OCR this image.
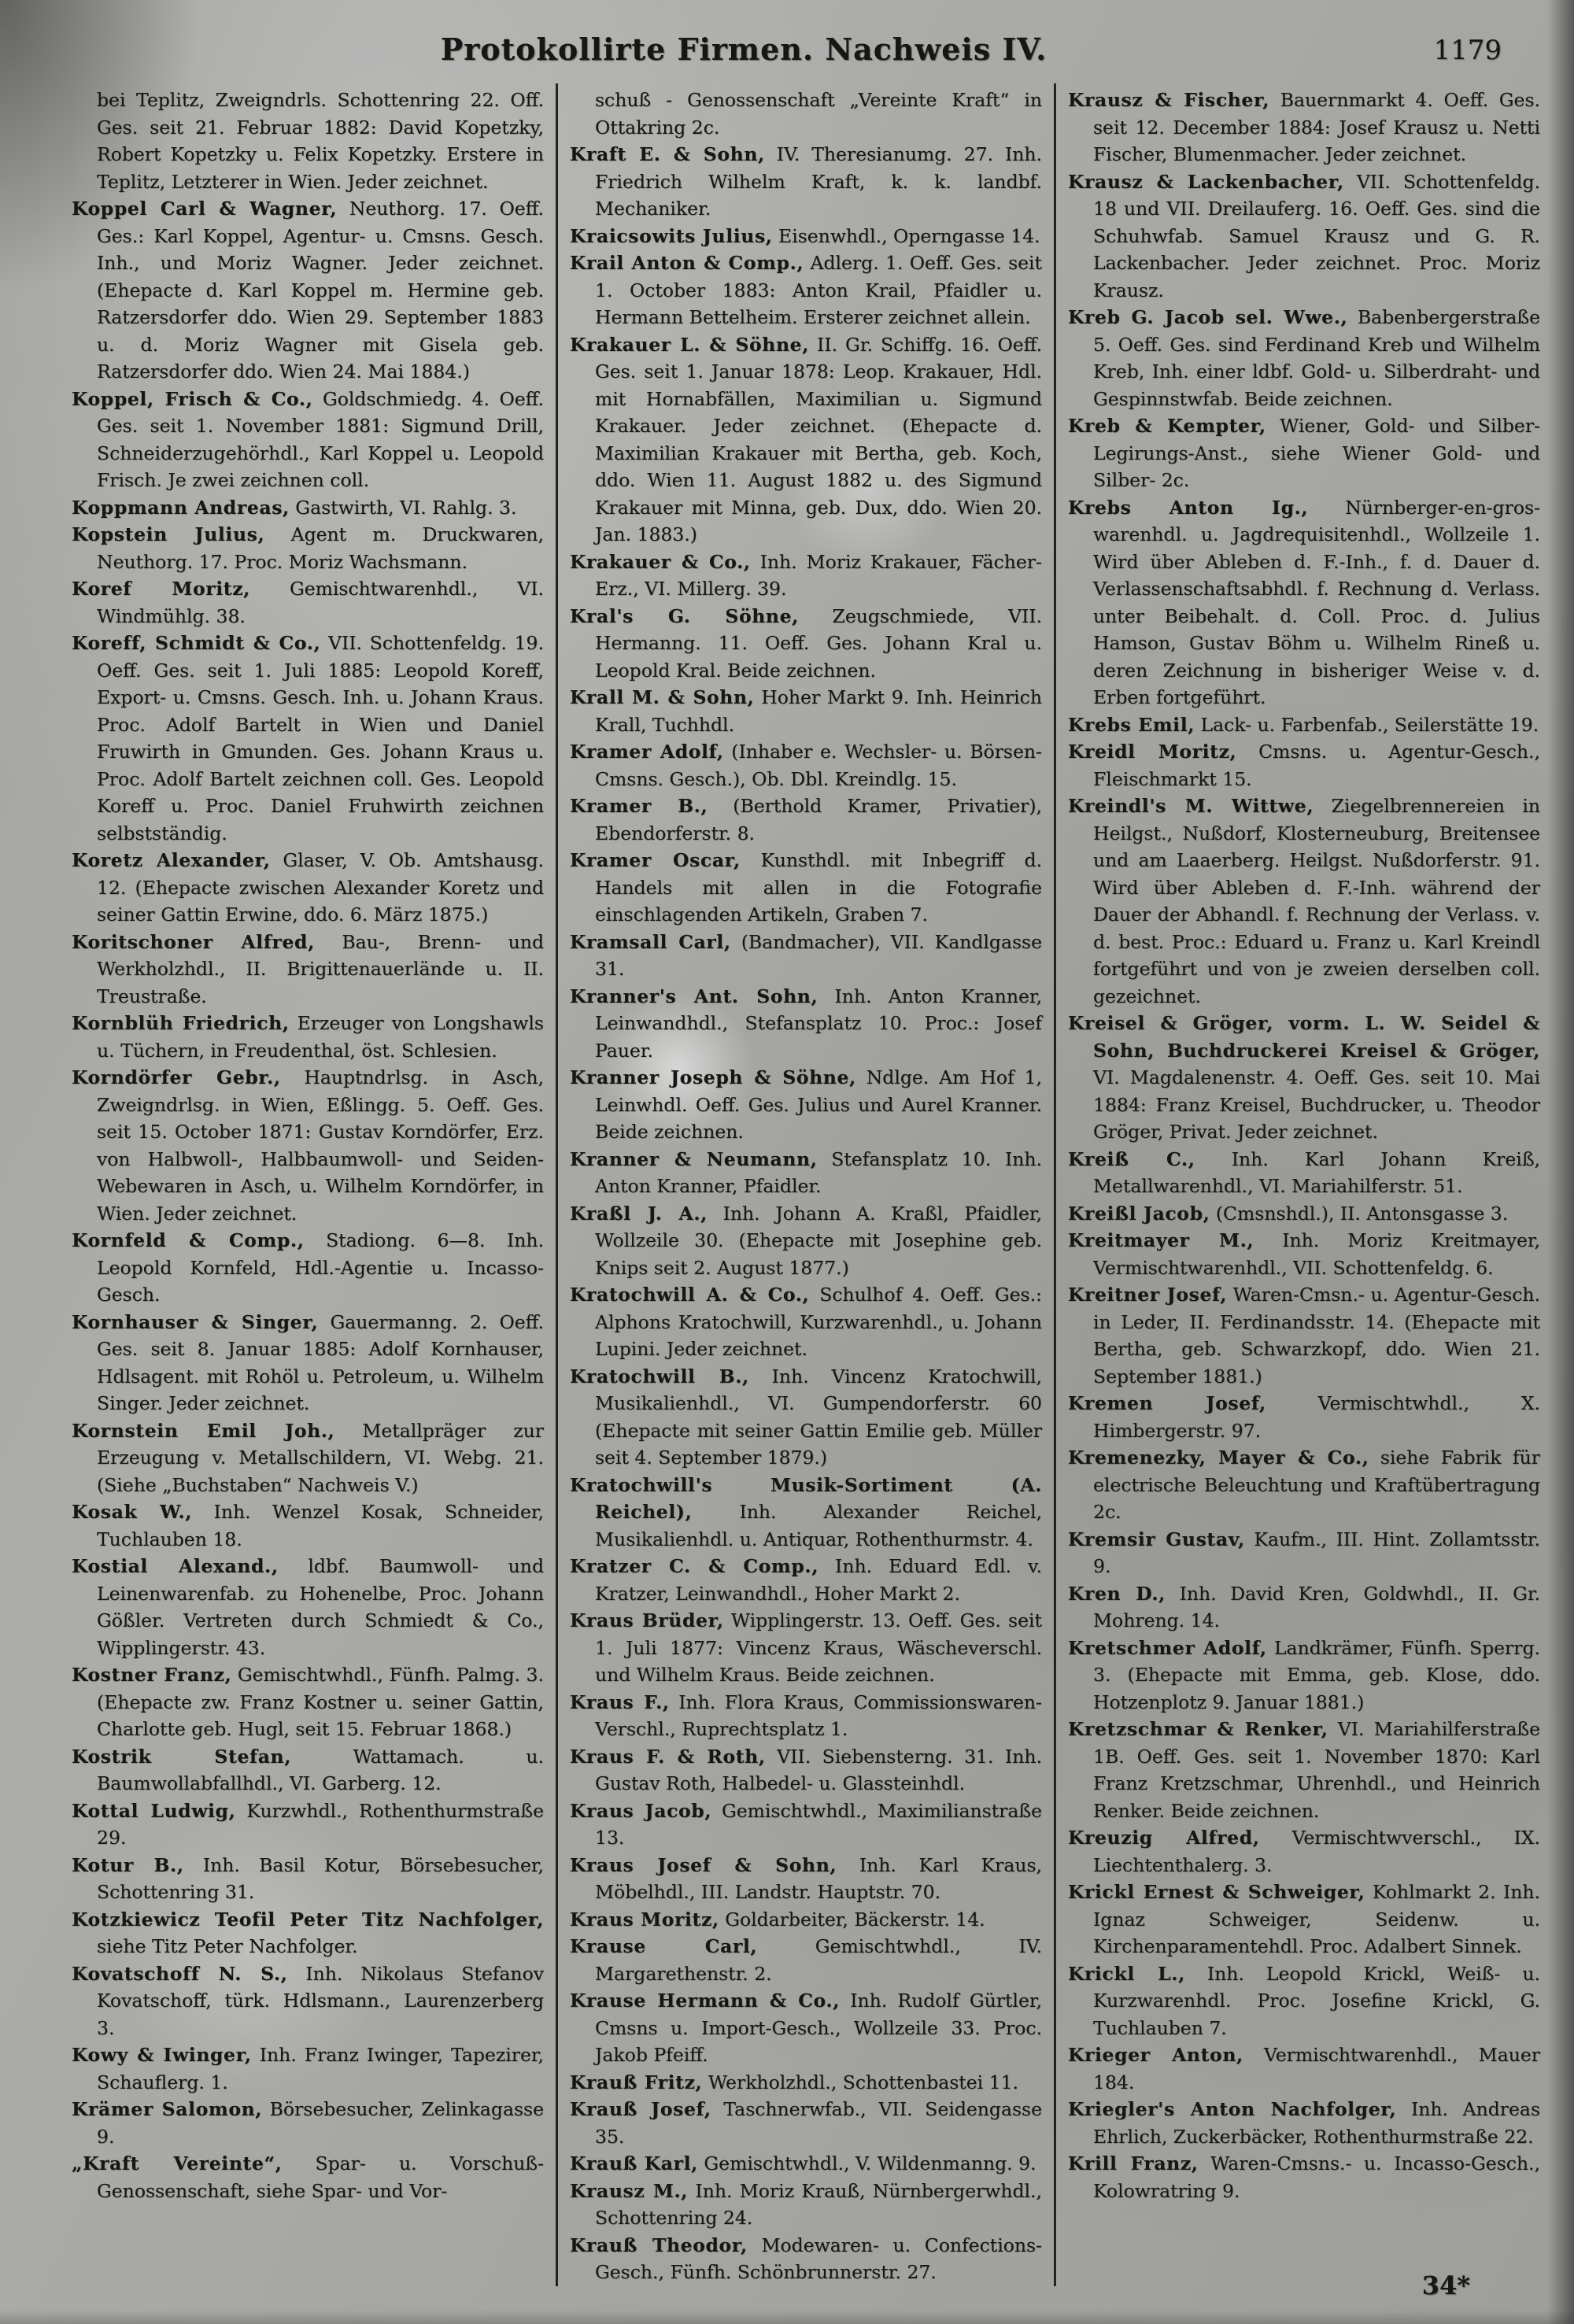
Protokollirte Firmen. Nachweis IV.	1179

bei Teplitz, Zweigndrls. Schottenring 22. Off. Ges. seit 21. Februar 1882: David Kopetzky, Robert Kopetzky u. Felix Kopetzky. Erstere in Teplitz, Letzterer in Wien. Jeder zeichnet.

Koppel Carl & Wagner, Neuthorg. 17. Oeff. Ges.: Karl Koppel, Agentur- u. Cmsns. Gesch. Inh., und Moriz Wagner. Jeder zeichnet. (Ehepacte d. Karl Koppel m. Hermine geb. Ratzersdorfer ddo. Wien 29. September 1883 u. d. Moriz Wagner mit Gisela geb. Ratzersdorfer ddo. Wien 24. Mai 1884.)

Koppel, Frisch & Co., Goldschmiedg. 4. Oeff. Ges. seit 1. November 1881: Sigmund Drill, Schneiderzugehörhdl., Karl Koppel u. Leopold Frisch. Je zwei zeichnen coll.

Koppmann Andreas, Gastwirth, VI. Rahlg. 3.

Kopstein Julius, Agent m. Druckwaren, Neuthorg. 17. Proc. Moriz Wachsmann.

Koref Moritz, Gemischtwarenhdl., VI. Windmühlg. 38.

Koreff, Schmidt & Co., VII. Schottenfeldg. 19. Oeff. Ges. seit 1. Juli 1885: Leopold Koreff, Export- u. Cmsns. Gesch. Inh. u. Johann Kraus. Proc. Adolf Bartelt in Wien und Daniel Fruwirth in Gmunden. Ges. Johann Kraus u. Proc. Adolf Bartelt zeichnen coll. Ges. Leopold Koreff u. Proc. Daniel Fruhwirth zeichnen selbstständig.

Koretz Alexander, Glaser, V. Ob. Amtshausg. 12. (Ehepacte zwischen Alexander Koretz und seiner Gattin Erwine, ddo. 6. März 1875.)

Koritschoner Alfred, Bau-, Brenn- und Werkholzhdl., II. Brigittenauerlände u. II. Treustraße.

Kornblüh Friedrich, Erzeuger von Longshawls u. Tüchern, in Freudenthal, öst. Schlesien.

Korndörfer Gebr., Hauptndrlsg. in Asch, Zweigndrlsg. in Wien, Eßlingg. 5. Oeff. Ges. seit 15. October 1871: Gustav Korndörfer, Erz. von Halbwoll-, Halbbaumwoll- und Seiden-Webewaren in Asch, u. Wilhelm Korndörfer, in Wien. Jeder zeichnet.

Kornfeld & Comp., Stadiong. 6—8. Inh. Leopold Kornfeld, Hdl.-Agentie u. Incasso-Gesch.

Kornhauser & Singer, Gauermanng. 2. Oeff. Ges. seit 8. Januar 1885: Adolf Kornhauser, Hdlsagent. mit Rohöl u. Petroleum, u. Wilhelm Singer. Jeder zeichnet.

Kornstein Emil Joh., Metallpräger zur Erzeugung v. Metallschildern, VI. Webg. 21. (Siehe „Buchstaben“ Nachweis V.)

Kosak W., Inh. Wenzel Kosak, Schneider, Tuchlauben 18.

Kostial Alexand., ldbf. Baumwoll- und Leinenwarenfab. zu Hohenelbe, Proc. Johann Gößler. Vertreten durch Schmiedt & Co., Wipplingerstr. 43.

Kostner Franz, Gemischtwhdl., Fünfh. Palmg. 3. (Ehepacte zw. Franz Kostner u. seiner Gattin, Charlotte geb. Hugl, seit 15. Februar 1868.)

Kostrik Stefan,	Wattamach. u. Baumwollabfallhdl., VI. Garberg. 12.

Kottal Ludwig, Kurzwhdl., Rothenthurmstraße 29.

Kotur B., Inh. Basil Kotur, Börsebesucher, Schottenring 31.

Kotzkiewicz Teofil Peter Titz Nachfolger, siehe Titz Peter Nachfolger.

Kovatschoff N. S., Inh. Nikolaus Stefanov Kovatschoff, türk. Hdlsmann., Laurenzerberg 3.

Kowy & Iwinger, Inh. Franz Iwinger, Tapezirer, Schauflerg. 1.

Krämer Salomon, Börsebesucher, Zelinkagasse 9.

„Kraft Vereinte“, Spar- u. Vorschuß-Genossenschaft, siehe Spar- und Vor-

schuß - Genossenschaft „Vereinte Kraft“ in Ottakring 2c.

Kraft E. & Sohn, IV. Theresianumg. 27. Inh. Friedrich Wilhelm Kraft, k. k. landbf. Mechaniker.

Kraicsowits Julius, Eisenwhdl., Operngasse 14.

Krail Anton & Comp., Adlerg. 1. Oeff. Ges. seit 1. October 1883: Anton Krail, Pfaidler u. Hermann Bettelheim. Ersterer zeichnet allein.

Krakauer L. & Söhne, II. Gr. Schiffg. 16. Oeff. Ges. seit 1. Januar 1878: Leop. Krakauer, Hdl. mit Hornabfällen, Maximilian u. Sigmund Krakauer. Jeder zeichnet. (Ehepacte d. Maximilian Krakauer mit Bertha, geb. Koch, ddo. Wien 11. August 1882 u. des Sigmund Krakauer mit Minna, geb. Dux, ddo. Wien 20. Jan. 1883.)

Krakauer & Co., Inh. Moriz Krakauer, Fächer-Erz., VI. Millerg. 39.

Kral's G. Söhne, Zeugschmiede, VII. Hermanng. 11. Oeff. Ges. Johann Kral u. Leopold Kral. Beide zeichnen.

Krall M. & Sohn, Hoher Markt 9. Inh. Heinrich Krall, Tuchhdl.

Kramer Adolf, (Inhaber e. Wechsler- u. Börsen-Cmsns. Gesch.), Ob. Dbl. Kreindlg. 15.

Kramer B., (Berthold Kramer, Privatier), Ebendorferstr. 8.

Kramer Oscar, Kunsthdl. mit Inbegriff d. Handels mit allen in die Fotografie einschlagenden Artikeln, Graben 7.

Kramsall Carl, (Bandmacher), VII. Kandlgasse 31.

Kranner's Ant. Sohn, Inh. Anton Kranner, Leinwandhdl., Stefansplatz 10. Proc.: Josef Pauer.

Kranner Joseph & Söhne, Ndlge. Am Hof 1, Leinwhdl. Oeff. Ges. Julius und Aurel Kranner. Beide zeichnen.

Kranner & Neumann, Stefansplatz 10. Inh. Anton Kranner, Pfaidler.

Kraßl J. A., Inh. Johann A. Kraßl, Pfaidler, Wollzeile 30. (Ehepacte mit Josephine geb. Knips seit 2. August 1877.)

Kratochwill A. & Co., Schulhof 4. Oeff. Ges.: Alphons Kratochwill, Kurzwarenhdl., u. Johann Lupini. Jeder zeichnet.

Kratochwill B., Inh. Vincenz Kratochwill, Musikalienhdl., VI. Gumpendorferstr. 60 (Ehepacte mit seiner Gattin Emilie geb. Müller seit 4. September 1879.)

Kratochwill's Musik-Sortiment (A. Reichel),	Inh. Alexander Reichel, Musikalienhdl. u. Antiquar, Rothenthurmstr. 4.

Kratzer C. & Comp., Inh. Eduard Edl. v. Kratzer, Leinwandhdl., Hoher Markt 2.

Kraus Brüder, Wipplingerstr. 13. Oeff. Ges. seit 1. Juli 1877: Vincenz Kraus, Wäscheverschl. und Wilhelm Kraus. Beide zeichnen.

Kraus F., Inh. Flora Kraus, Commissionswaren-Verschl., Ruprechtsplatz 1.

Kraus F. & Roth, VII. Siebensterng. 31. Inh. Gustav Roth, Halbedel- u. Glassteinhdl.

Kraus Jacob, Gemischtwhdl., Maximilianstraße 13.

Kraus Josef & Sohn, Inh. Karl Kraus, Möbelhdl., III. Landstr. Hauptstr. 70.

Kraus Moritz, Goldarbeiter, Bäckerstr. 14.

Krause Carl,	Gemischtwhdl., IV. Margarethenstr. 2.

Krause Hermann & Co., Inh. Rudolf Gürtler, Cmsns u. Import-Gesch., Wollzeile 33. Proc. Jakob Pfeiff.

Krauß Fritz, Werkholzhdl., Schottenbastei 11.

Krauß Josef, Taschnerwfab., VII. Seidengasse 35.

Krauß Karl, Gemischtwhdl., V. Wildenmanng. 9.

Krausz M., Inh. Moriz Krauß, Nürnbergerwhdl., Schottenring 24.

Krauß Theodor, Modewaren- u. Confections-Gesch., Fünfh. Schönbrunnerstr. 27.

Krausz & Fischer, Bauernmarkt 4. Oeff. Ges. seit 12. December 1884: Josef Krausz u. Netti Fischer, Blumenmacher. Jeder zeichnet.

Krausz & Lackenbacher, VII. Schottenfeldg. 18 und VII. Dreilauferg. 16. Oeff. Ges. sind die Schuhwfab. Samuel Krausz und G. R. Lackenbacher. Jeder zeichnet. Proc. Moriz Krausz.

Kreb G. Jacob sel. Wwe., Babenbergerstraße 5. Oeff. Ges. sind Ferdinand Kreb und Wilhelm Kreb, Inh. einer ldbf. Gold- u. Silberdraht- und Gespinnstwfab. Beide zeichnen.

Kreb & Kempter, Wiener, Gold- und Silber-Legirungs-Anst., siehe Wiener Gold- und Silber- 2c.

Krebs Anton Ig., Nürnberger-en-gros-warenhdl. u. Jagdrequisitenhdl., Wollzeile 1. Wird über Ableben d. F.-Inh., f. d. Dauer d. Verlassenschaftsabhdl. f. Rechnung d. Verlass. unter Beibehalt. d. Coll. Proc. d. Julius Hamson, Gustav Böhm u. Wilhelm Rineß u. deren Zeichnung in bisheriger Weise v. d. Erben fortgeführt.

Krebs Emil, Lack- u. Farbenfab., Seilerstätte 19.

Kreidl Moritz, Cmsns. u. Agentur-Gesch., Fleischmarkt 15.

Kreindl's M. Wittwe, Ziegelbrennereien in Heilgst., Nußdorf, Klosterneuburg, Breitensee und am Laaerberg. Heilgst. Nußdorferstr. 91. Wird über Ableben d. F.-Inh. während der Dauer der Abhandl. f. Rechnung der Verlass. v. d. best. Proc.: Eduard u. Franz u. Karl Kreindl fortgeführt und von je zweien derselben coll. gezeichnet.

Kreisel & Gröger, vorm. L. W. Seidel & Sohn, Buchdruckerei Kreisel & Gröger, VI. Magdalenenstr. 4. Oeff. Ges. seit 10. Mai 1884: Franz Kreisel, Buchdrucker, u. Theodor Gröger, Privat. Jeder zeichnet.

Kreiß C., Inh. Karl Johann Kreiß, Metallwarenhdl., VI. Mariahilferstr. 51.

Kreißl Jacob, (Cmsnshdl.), II. Antonsgasse 3.

Kreitmayer M., Inh. Moriz Kreitmayer, Vermischtwarenhdl., VII. Schottenfeldg. 6.

Kreitner Josef, Waren-Cmsn.- u. Agentur-Gesch. in Leder, II. Ferdinandsstr. 14. (Ehepacte mit Bertha, geb. Schwarzkopf, ddo. Wien 21. September 1881.)

Kremen Josef,	Vermischtwhdl., X. Himbergerstr. 97.

Kremenezky, Mayer & Co., siehe Fabrik für electrische Beleuchtung und Kraftübertragung 2c.

Kremsir Gustav, Kaufm., III. Hint. Zollamtsstr. 9.

Kren D., Inh. David Kren, Goldwhdl., II. Gr. Mohreng. 14.

Kretschmer Adolf, Landkrämer, Fünfh. Sperrg. 3. (Ehepacte mit Emma, geb. Klose, ddo. Hotzenplotz 9. Januar 1881.)

Kretzschmar & Renker, VI. Mariahilferstraße 1B. Oeff. Ges. seit 1. November 1870: Karl Franz Kretzschmar, Uhrenhdl., und Heinrich Renker. Beide zeichnen.

Kreuzig Alfred, Vermischtwverschl., IX. Liechtenthalerg. 3.

Krickl Ernest & Schweiger, Kohlmarkt 2. Inh. Ignaz Schweiger, Seidenw. u. Kirchenparamentehdl. Proc. Adalbert Sinnek.

Krickl L., Inh. Leopold Krickl, Weiß- u. Kurzwarenhdl. Proc. Josefine Krickl, G. Tuchlauben 7.

Krieger Anton, Vermischtwarenhdl., Mauer 184.

Kriegler's Anton Nachfolger, Inh. Andreas Ehrlich, Zuckerbäcker, Rothenthurmstraße 22.

Krill Franz, Waren-Cmsns.- u. Incasso-Gesch., Kolowratring 9.

34*
